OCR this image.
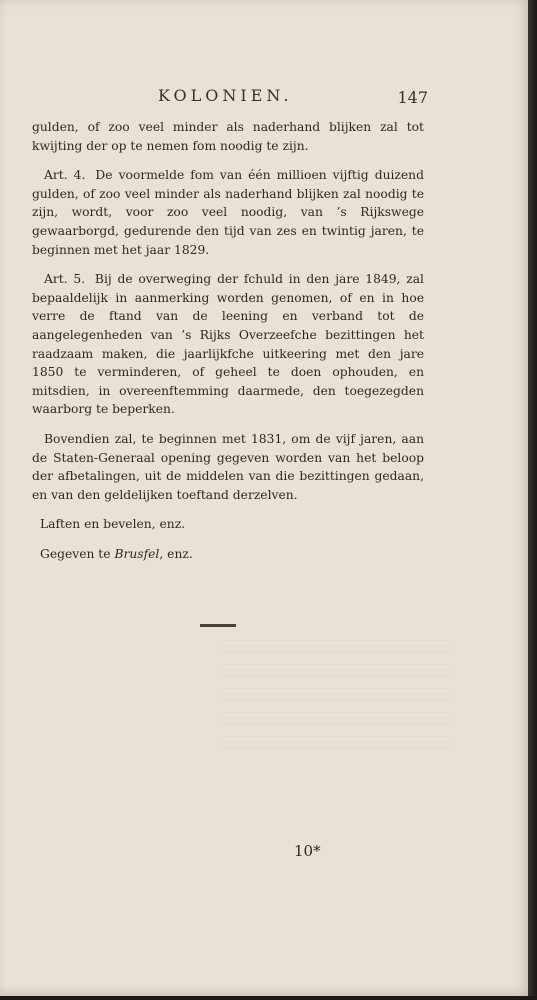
KOLONIEN.	147

gulden, of zoo veel minder als naderhand blijken zal tot kwijting der op te nemen fom noodig te zijn.

Art. 4. De voormelde fom van één millioen vijftig duizend gulden, of zoo veel minder als naderhand blijken zal noodig te zijn, wordt, voor zoo veel noodig, van ’s Rijkswege gewaarborgd, gedurende den tijd van zes en twintig jaren, te beginnen met het jaar 1829.

Art. 5. Bij de overweging der fchuld in den jare 1849, zal bepaaldelijk in aanmerking worden genomen, of en in hoe verre de ftand van de leening en verband tot de aangelegenheden van ’s Rijks Overzeefche bezittingen het raadzaam maken, die jaarlijkfche uitkeering met den jare 1850 te verminderen, of geheel te doen ophouden, en mitsdien, in overeenftemming daarmede, den toegezegden waarborg te beperken.

Bovendien zal, te beginnen met 1831, om de vijf jaren, aan de Staten-Generaal opening gegeven worden van het beloop der afbetalingen, uit de middelen van die bezittingen gedaan, en van den geldelijken toeftand derzelven.

Laften en bevelen, enz.

Gegeven te Brusfel, enz.

10*
